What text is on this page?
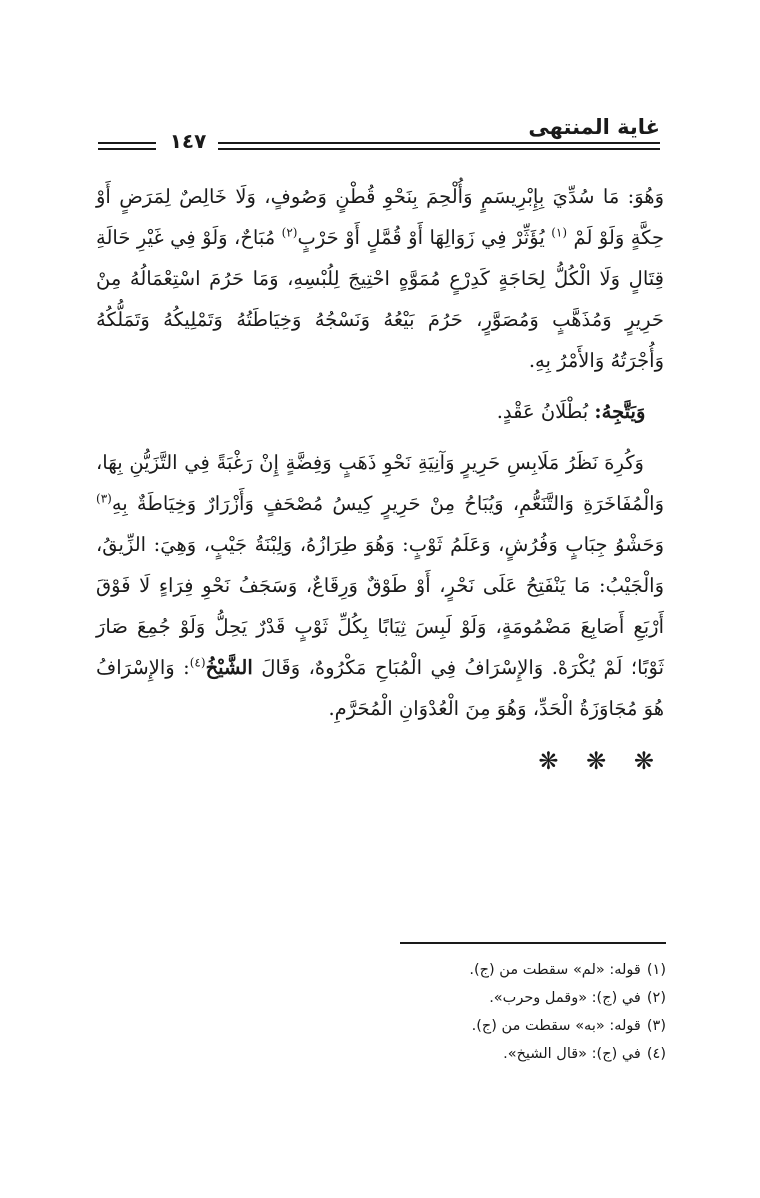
غاية المنتهى
١٤٧

وَهُوَ: مَا سُدِّيَ بِإِبْرِيسَمٍ وَأُلْحِمَ بِنَحْوِ قُطْنٍ وَصُوفٍ، وَلَا خَالِصٌ لِمَرَضٍ أَوْ حِكَّةٍ وَلَوْ لَمْ $^{(١)}$ يُؤَثِّرْ فِي زَوَالِهَا أَوْ قُمَّلٍ أَوْ حَرْبٍ$^{(٢)}$ مُبَاحٌ، وَلَوْ فِي غَيْرِ حَالَةِ قِتَالٍ وَلَا الْكُلُّ لِحَاجَةٍ كَدِرْعٍ مُمَوَّهٍ احْتِيجَ لِلُبْسِهِ، وَمَا حَرُمَ اسْتِعْمَالُهُ مِنْ حَرِيرٍ وَمُذَهَّبٍ وَمُصَوَّرٍ، حَرُمَ بَيْعُهُ وَنَسْجُهُ وَخِيَاطَتُهُ وَتَمْلِيكُهُ وَتَمَلُّكُهُ وَأُجْرَتُهُ وَالأَمْرُ بِهِ.

وَيَتَّجِهُ: بُطْلَانُ عَقْدٍ.

وَكُرِهَ نَظَرُ مَلَابِسِ حَرِيرٍ وَآنِيَةِ نَحْوِ ذَهَبٍ وَفِضَّةٍ إِنْ رَغْبَةً فِي التَّزَيُّنِ بِهَا، وَالْمُفَاخَرَةِ وَالتَّنَعُّمِ، وَيُبَاحُ مِنْ حَرِيرٍ كِيسُ مُصْحَفٍ وَأَزْرَارٌ وَخِيَاطَةٌ بِهِ$^{(٣)}$ وَحَشْوُ جِبَابٍ وَفُرُشٍ، وَعَلَمُ ثَوْبٍ: وَهُوَ طِرَازُهُ، وَلِبْنَةُ جَيْبٍ، وَهِيَ: الزِّيقُ، وَالْجَيْبُ: مَا يَنْفَتِحُ عَلَى نَحْرٍ، أَوْ طَوْقٌ وَرِقَاعٌ، وَسَجَفُ نَحْوِ فِرَاءٍ لَا فَوْقَ أَرْبَعِ أَصَابِعَ مَضْمُومَةٍ، وَلَوْ لَبِسَ ثِيَابًا بِكُلِّ ثَوْبٍ قَدْرٌ يَحِلُّ وَلَوْ جُمِعَ صَارَ ثَوْبًا؛ لَمْ يُكْرَهْ. وَالإِسْرَافُ فِي الْمُبَاحِ مَكْرُوهٌ، وَقَالَ الشَّيْخُ$^{(٤)}$: وَالإِسْرَافُ هُوَ مُجَاوَزَةُ الْحَدِّ، وَهُوَ مِنَ الْعُدْوَانِ الْمُحَرَّمِ.

❋ ❋ ❋

(١)قوله: «لم» سقطت من (ج).

(٢)في (ج): «وقمل وحرب».

(٣)قوله: «به» سقطت من (ج).

(٤)في (ج): «قال الشيخ».
